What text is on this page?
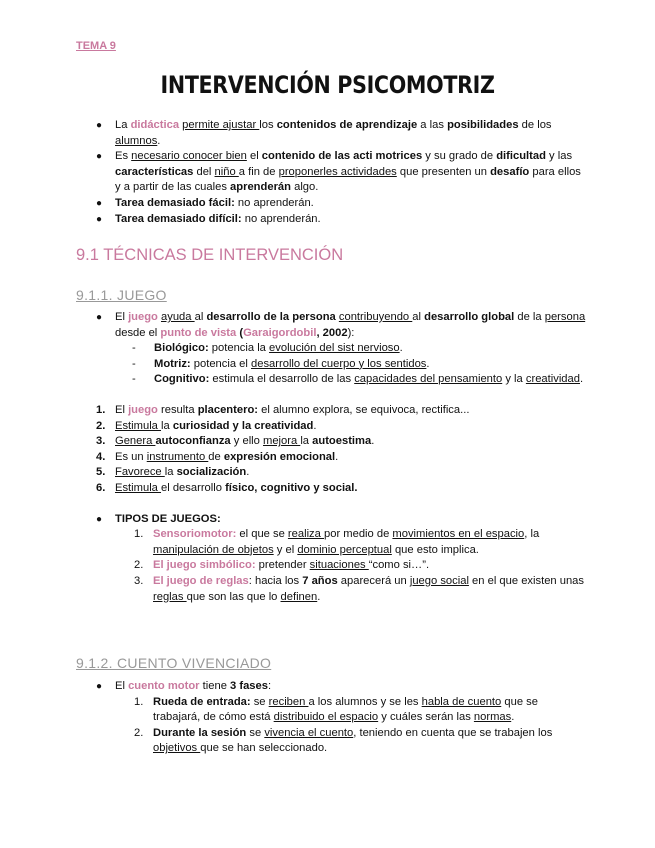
TEMA 9
INTERVENCIÓN PSICOMOTRIZ
● La didáctica permite ajustar los contenidos de aprendizaje a las posibilidades de los alumnos.
● Es necesario conocer bien el contenido de las acti motrices y su grado de dificultad y las características del niño a fin de proponerles actividades que presenten un desafío para ellos y a partir de las cuales aprenderán algo.
● Tarea demasiado fácil: no aprenderán.
● Tarea demasiado difícil: no aprenderán.
9.1 TÉCNICAS DE INTERVENCIÓN
9.1.1. JUEGO
● El juego ayuda al desarrollo de la persona contribuyendo al desarrollo global de la persona desde el punto de vista (Garaigordobil, 2002):
- Biológico: potencia la evolución del sist nervioso.
- Motriz: potencia el desarrollo del cuerpo y los sentidos.
- Cognitivo: estimula el desarrollo de las capacidades del pensamiento y la creatividad.
1. El juego resulta placentero: el alumno explora, se equivoca, rectifica...
2. Estimula la curiosidad y la creatividad.
3. Genera autoconfianza y ello mejora la autoestima.
4. Es un instrumento de expresión emocional.
5. Favorece la socialización.
6. Estimula el desarrollo físico, cognitivo y social.
● TIPOS DE JUEGOS:
1. Sensoriomotor: el que se realiza por medio de movimientos en el espacio, la manipulación de objetos y el dominio perceptual que esto implica.
2. El juego simbólico: pretender situaciones “como si…”.
3. El juego de reglas: hacia los 7 años aparecerá un juego social en el que existen unas reglas que son las que lo definen.
9.1.2. CUENTO VIVENCIADO
● El cuento motor tiene 3 fases:
1. Rueda de entrada: se reciben a los alumnos y se les habla de cuento que se trabajará, de cómo está distribuido el espacio y cuáles serán las normas.
2. Durante la sesión se vivencia el cuento, teniendo en cuenta que se trabajen los objetivos que se han seleccionado.
